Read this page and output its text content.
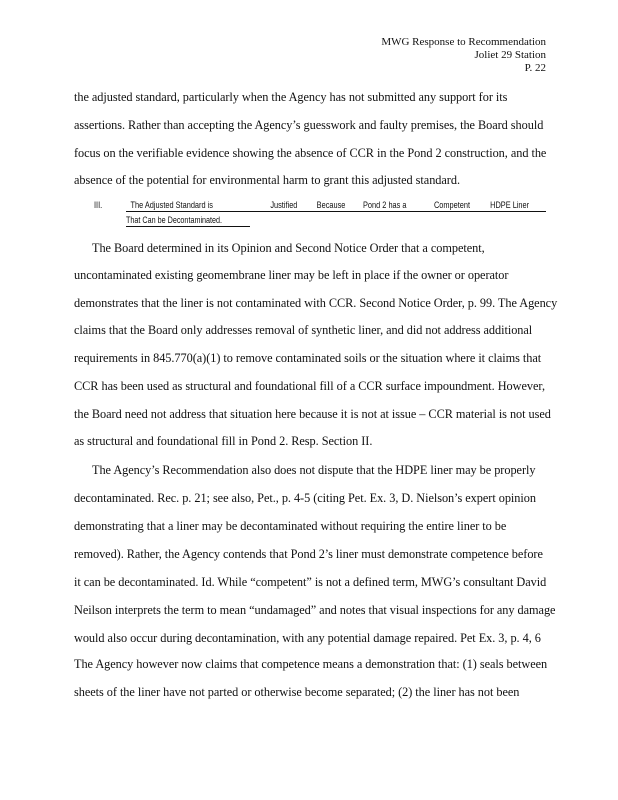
MWG Response to Recommendation
Joliet 29 Station
P. 22
the adjusted standard, particularly when the Agency has not submitted any support for its
assertions. Rather than accepting the Agency’s guesswork and faulty premises, the Board should
focus on the verifiable evidence showing the absence of CCR in the Pond 2 construction, and the
absence of the potential for environmental harm to grant this adjusted standard.
III.	The Adjusted Standard is	Justified Because Pond 2 has a	Competent HDPE Liner
That Can be Decontaminated.
The Board determined in its Opinion and Second Notice Order that a competent,
uncontaminated existing geomembrane liner may be left in place if the owner or operator
demonstrates that the liner is not contaminated with CCR. Second Notice Order, p. 99. The Agency
claims that the Board only addresses removal of synthetic liner, and did not address additional
requirements in 845.770(a)(1) to remove contaminated soils or the situation where it claims that
CCR has been used as structural and foundational fill of a CCR surface impoundment. However,
the Board need not address that situation here because it is not at issue – CCR material is not used
as structural and foundational fill in Pond 2. Resp. Section II.
The Agency’s Recommendation also does not dispute that the HDPE liner may be properly
decontaminated. Rec. p. 21; see also, Pet., p. 4-5 (citing Pet. Ex. 3, D. Nielson’s expert opinion
demonstrating that a liner may be decontaminated without requiring the entire liner to be
removed). Rather, the Agency contends that Pond 2’s liner must demonstrate competence before
it can be decontaminated. Id. While “competent” is not a defined term, MWG’s consultant David
Neilson interprets the term to mean “undamaged” and notes that visual inspections for any damage
would also occur during decontamination, with any potential damage repaired. Pet Ex. 3, p. 4, 6
The Agency however now claims that competence means a demonstration that: (1) seals between
sheets of the liner have not parted or otherwise become separated; (2) the liner has not been
